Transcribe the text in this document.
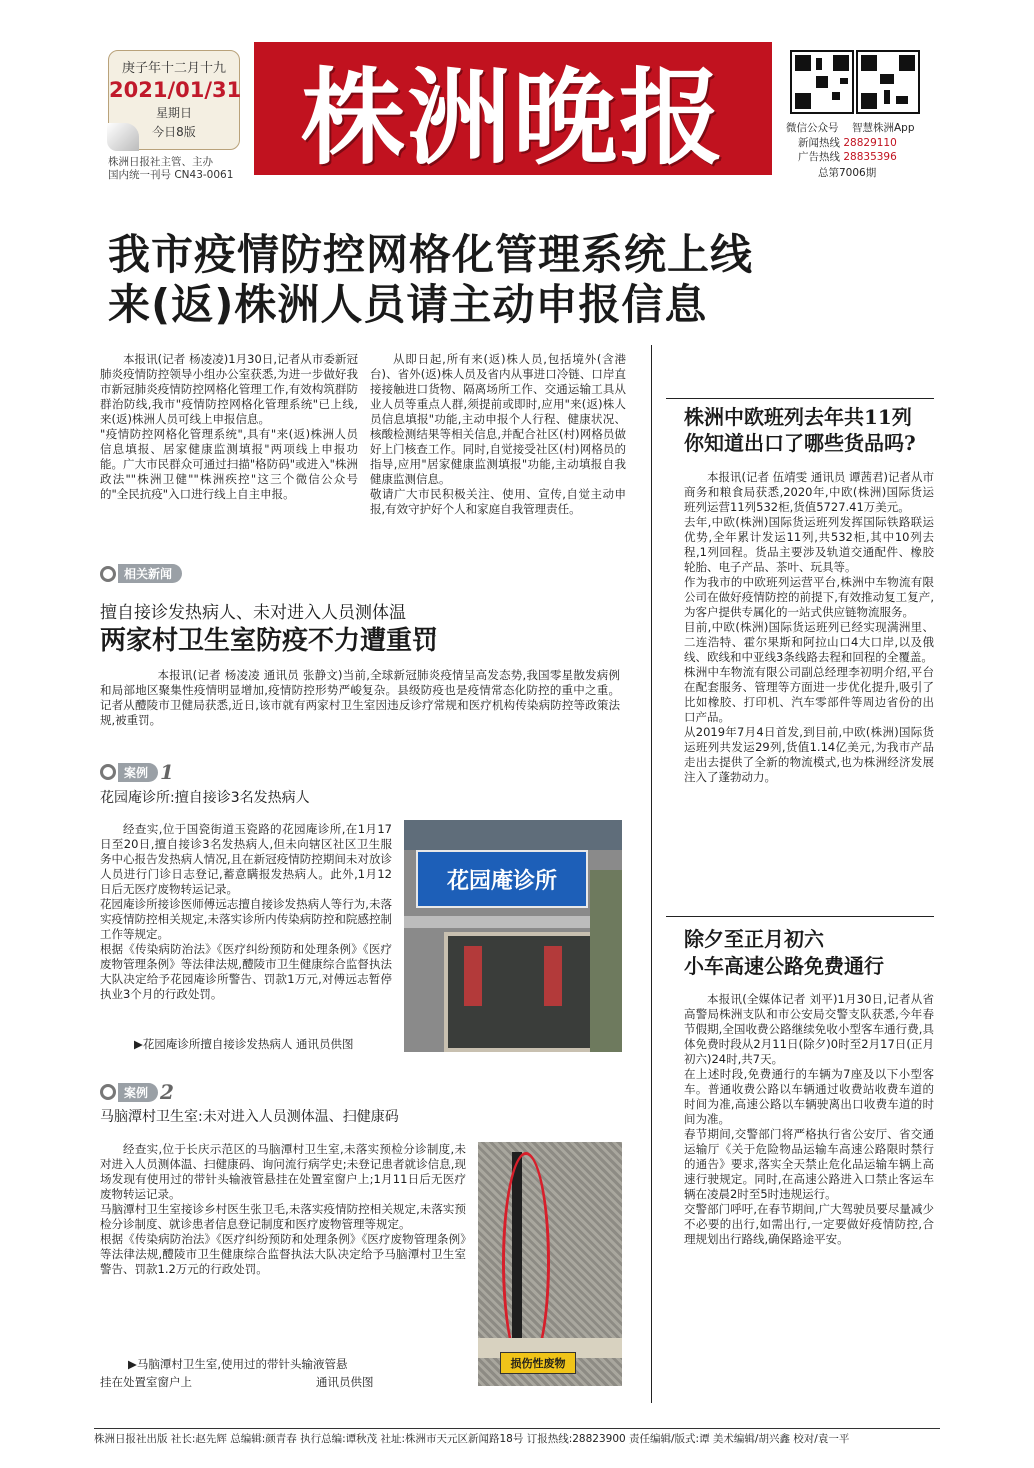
庚子年十二月十九
2021/01/31
星期日
今日8版
株洲日报社主管、主办
国内统一刊号 CN43-0061 株洲晚报	微信公众号 智慧株洲App
新闻热线 28829110
广告热线 28835396
总第7006期
我市疫情防控网格化管理系统上线
来(返)株洲人员请主动申报信息
本报讯(记者 杨凌凌)1月30日,记者从市委新冠肺炎疫情防控领导小组办公室获悉,为进一步做好我市新冠肺炎疫情防控网格化管理工作,有效构筑群防群治防线,我市"疫情防控网格化管理系统"已上线,来(返)株洲人员可线上申报信息。
"疫情防控网格化管理系统",具有"来(返)株洲人员信息填报、居家健康监测填报"两项线上申报功能。广大市民群众可通过扫描"格防码"或进入"株洲政法""株洲卫健""株洲疾控"这三个微信公众号的"全民抗疫"入口进行线上自主申报。
从即日起,所有来(返)株人员,包括境外(含港台)、省外(返)株人员及省内从事进口冷链、口岸直接接触进口货物、隔离场所工作、交通运输工具从业人员等重点人群,须提前或即时,应用"来(返)株人员信息填报"功能,主动申报个人行程、健康状况、核酸检测结果等相关信息,并配合社区(村)网格员做好上门核查工作。同时,自觉接受社区(村)网格员的指导,应用"居家健康监测填报"功能,主动填报自我健康监测信息。
敬请广大市民积极关注、使用、宣传,自觉主动申报,有效守护好个人和家庭自我管理责任。
相关新闻
擅自接诊发热病人、未对进入人员测体温
两家村卫生室防疫不力遭重罚
本报讯(记者 杨凌凌 通讯员 张静文)当前,全球新冠肺炎疫情呈高发态势,我国零星散发病例和局部地区聚集性疫情明显增加,疫情防控形势严峻复杂。县级防疫也是疫情常态化防控的重中之重。记者从醴陵市卫健局获悉,近日,该市就有两家村卫生室因违反诊疗常规和医疗机构传染病防控等政策法规,被重罚。
案例 1
花园庵诊所:擅自接诊3名发热病人
经查实,位于国瓷街道玉瓷路的花园庵诊所,在1月17日至20日,擅自接诊3名发热病人,但未向辖区社区卫生服务中心报告发热病人情况,且在新冠疫情防控期间未对放诊人员进行门诊日志登记,蓄意瞒报发热病人。此外,1月12日后无医疗废物转运记录。
花园庵诊所接诊医师傅远志擅自接诊发热病人等行为,未落实疫情防控相关规定,未落实诊所内传染病防控和院感控制工作等规定。
根据《传染病防治法》《医疗纠纷预防和处理条例》《医疗废物管理条例》等法律法规,醴陵市卫生健康综合监督执法大队决定给予花园庵诊所警告、罚款1万元,对傅远志暂停执业3个月的行政处罚。
▶花园庵诊所擅自接诊发热病人 通讯员供图
花园庵诊所
案例 2
马脑潭村卫生室:未对进入人员测体温、扫健康码
经查实,位于长庆示范区的马脑潭村卫生室,未落实预检分诊制度,未对进入人员测体温、扫健康码、询问流行病学史;未登记患者就诊信息,现场发现有使用过的带针头输液管悬挂在处置室窗户上;1月11日后无医疗废物转运记录。
马脑潭村卫生室接诊乡村医生张卫毛,未落实疫情防控相关规定,未落实预检分诊制度、就诊患者信息登记制度和医疗废物管理等规定。
根据《传染病防治法》《医疗纠纷预防和处理条例》《医疗废物管理条例》等法律法规,醴陵市卫生健康综合监督执法大队决定给予马脑潭村卫生室警告、罚款1.2万元的行政处罚。
▶马脑潭村卫生室,使用过的带针头输液管悬
挂在处置室窗户上	通讯员供图
损伤性废物
株洲中欧班列去年共11列
你知道出口了哪些货品吗?
本报讯(记者 伍靖雯 通讯员 谭茜君)记者从市商务和粮食局获悉,2020年,中欧(株洲)国际货运班列运营11列532柜,货值5727.41万美元。
去年,中欧(株洲)国际货运班列发挥国际铁路联运优势,全年累计发运11列,共532柜,其中10列去程,1列回程。货品主要涉及轨道交通配件、橡胶轮胎、电子产品、茶叶、玩具等。
作为我市的中欧班列运营平台,株洲中车物流有限公司在做好疫情防控的前提下,有效推动复工复产,为客户提供专属化的一站式供应链物流服务。
目前,中欧(株洲)国际货运班列已经实现满洲里、二连浩特、霍尔果斯和阿拉山口4大口岸,以及俄线、欧线和中亚线3条线路去程和回程的全覆盖。
株洲中车物流有限公司副总经理李初明介绍,平台在配套服务、管理等方面进一步优化提升,吸引了比如橡胶、打印机、汽车零部件等周边省份的出口产品。
从2019年7月4日首发,到目前,中欧(株洲)国际货运班列共发运29列,货值1.14亿美元,为我市产品走出去提供了全新的物流模式,也为株洲经济发展注入了蓬勃动力。
除夕至正月初六
小车高速公路免费通行
本报讯(全媒体记者 刘平)1月30日,记者从省高警局株洲支队和市公安局交警支队获悉,今年春节假期,全国收费公路继续免收小型客车通行费,具体免费时段从2月11日(除夕)0时至2月17日(正月初六)24时,共7天。
在上述时段,免费通行的车辆为7座及以下小型客车。普通收费公路以车辆通过收费站收费车道的时间为准,高速公路以车辆驶离出口收费车道的时间为准。
春节期间,交警部门将严格执行省公安厅、省交通运输厅《关于危险物品运输车高速公路限时禁行的通告》要求,落实全天禁止危化品运输车辆上高速行驶规定。同时,在高速公路进入口禁止客运车辆在凌晨2时至5时违规运行。
交警部门呼吁,在春节期间,广大驾驶员要尽量减少不必要的出行,如需出行,一定要做好疫情防控,合理规划出行路线,确保路途平安。
株洲日报社出版 社长:赵先辉 总编辑:颜青春 执行总编:谭秋茂 社址:株洲市天元区新闻路18号 订报热线:28823900 责任编辑/版式:谭 美术编辑/胡兴鑫 校对/袁一平
